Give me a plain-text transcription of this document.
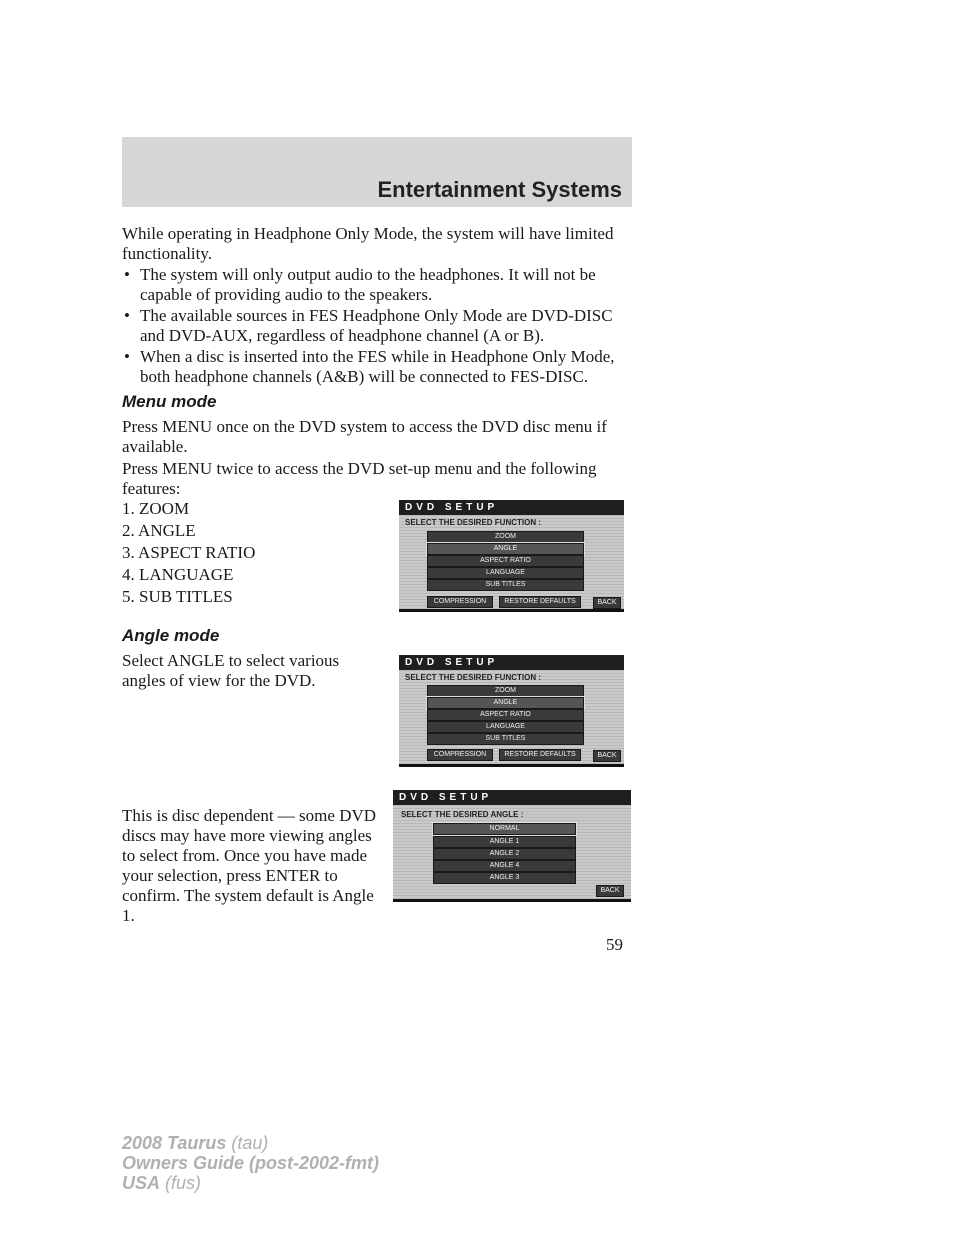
Entertainment Systems

While operating in Headphone Only Mode, the system will have limited functionality.

• The system will only output audio to the headphones. It will not be capable of providing audio to the speakers.

• The available sources in FES Headphone Only Mode are DVD-DISC and DVD-AUX, regardless of headphone channel (A or B).

• When a disc is inserted into the FES while in Headphone Only Mode, both headphone channels (A&B) will be connected to FES-DISC.

Menu mode

Press MENU once on the DVD system to access the DVD disc menu if available.

Press MENU twice to access the DVD set-up menu and the following features:

1. ZOOM
2. ANGLE
3. ASPECT RATIO
4. LANGUAGE
5. SUB TITLES
DVD SETUP
SELECT THE DESIRED FUNCTION :
ZOOM
ANGLE
ASPECT RATIO
LANGUAGE
SUB TITLES
COMPRESSION	RESTORE DEFAULTS	BACK
Angle mode

Select ANGLE to select various angles of view for the DVD.

DVD SETUP
SELECT THE DESIRED FUNCTION :
ZOOM
ANGLE
ASPECT RATIO
LANGUAGE
SUB TITLES
COMPRESSION	RESTORE DEFAULTS	BACK

This is disc dependent — some DVD discs may have more viewing angles to select from. Once you have made your selection, press ENTER to confirm. The system default is Angle 1.

DVD SETUP
SELECT THE DESIRED ANGLE :
NORMAL
ANGLE 1
ANGLE 2
ANGLE 4
ANGLE 3
BACK
59
2008 Taurus (tau)
Owners Guide (post-2002-fmt)
USA (fus)
